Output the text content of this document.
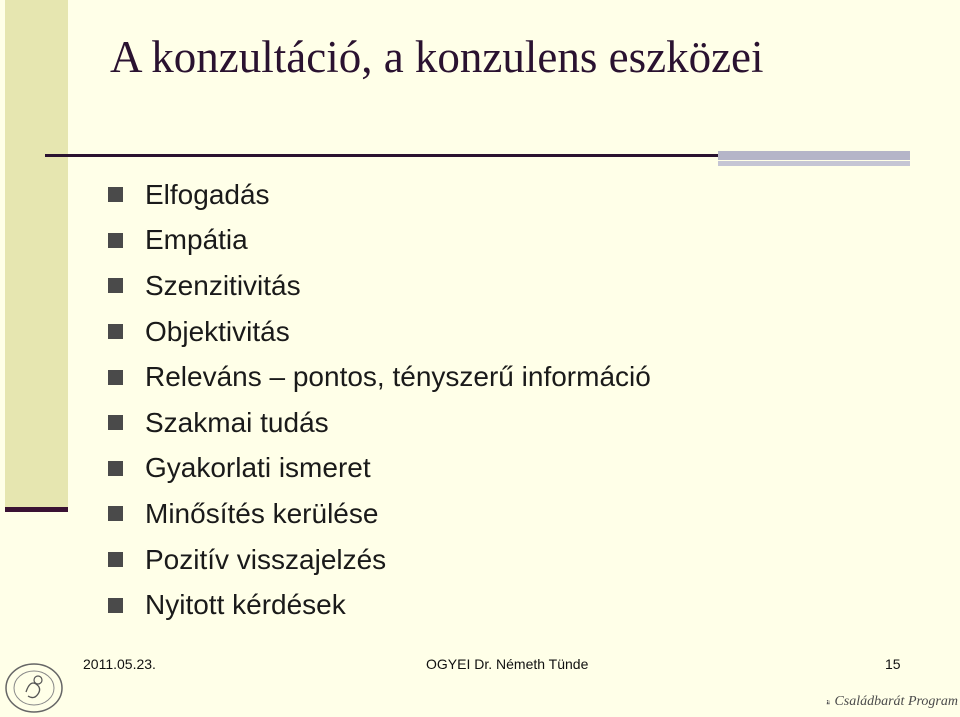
A konzultáció, a konzulens eszközei
Elfogadás
Empátia
Szenzitivitás
Objektivitás
Releváns – pontos, tényszerű információ
Szakmai tudás
Gyakorlati ismeret
Minősítés kerülése
Pozitív visszajelzés
Nyitott kérdések
2011.05.23.	OGYEI Dr. Németh Tünde	15
Családbarát Program
